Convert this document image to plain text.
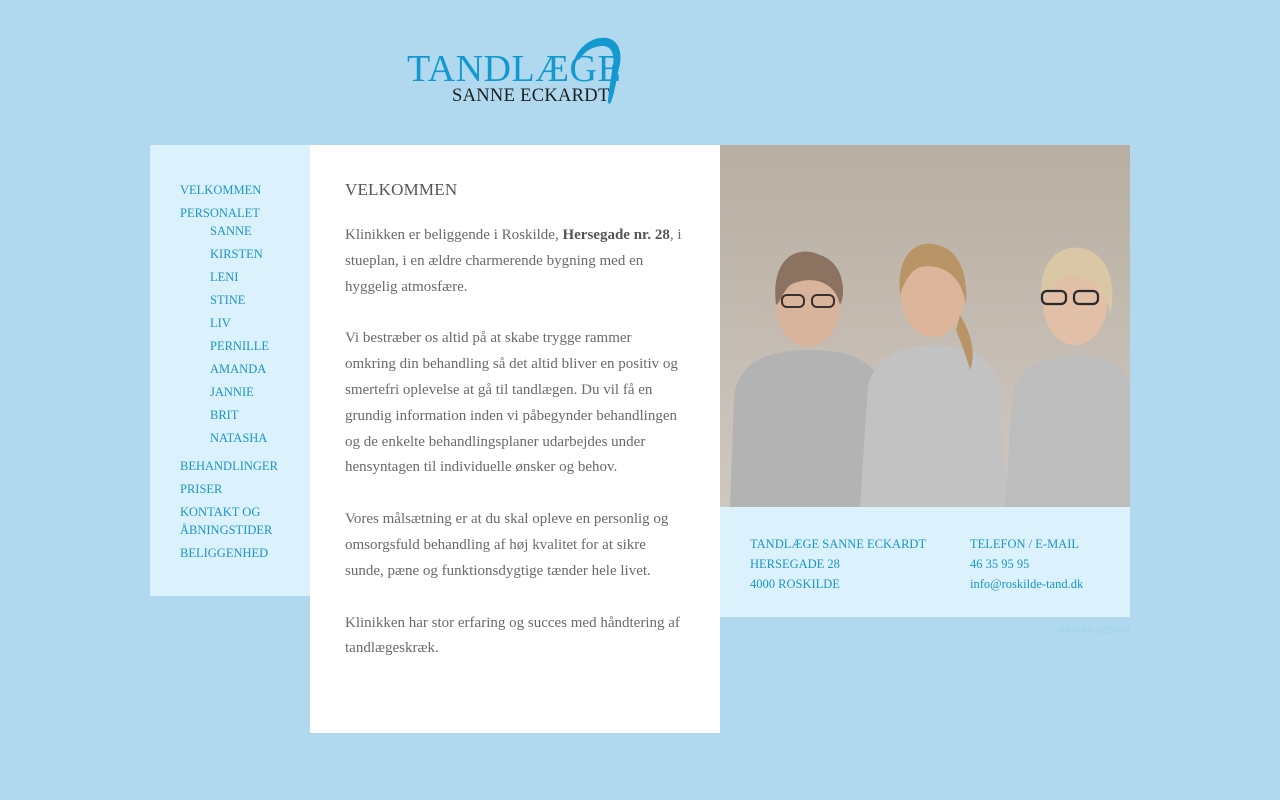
TANDLÆGE
SANNE ECKARDT
VELKOMMEN
PERSONALET
SANNE
KIRSTEN
LENI
STINE
LIV
PERNILLE
AMANDA
JANNIE
BRIT
NATASHA
BEHANDLINGER
PRISER
KONTAKT OG ÅBNINGSTIDER
BELIGGENHED
VELKOMMEN

Klinikken er beliggende i Roskilde, Hersegade nr. 28, i stueplan, i en ældre charmerende bygning med en hyggelig atmosfære.

Vi bestræber os altid på at skabe trygge rammer omkring din behandling så det altid bliver en positiv og smertefri oplevelse at gå til tandlægen. Du vil få en grundig information inden vi påbegynder behandlingen og de enkelte behandlingsplaner udarbejdes under hensyntagen til individuelle ønsker og behov.

Vores målsætning er at du skal opleve en personlig og omsorgsfuld behandling af høj kvalitet for at sikre sunde, pæne og funktionsdygtige tænder hele livet.

Klinikken har stor erfaring og succes med håndtering af tandlægeskræk.

TANDLÆGE SANNE ECKARDT
HERSEGADE 28
4000 ROSKILDE
TELEFON / E-MAIL
46 35 95 95
info@roskilde-tand.dk
BAYARD DESIGN
